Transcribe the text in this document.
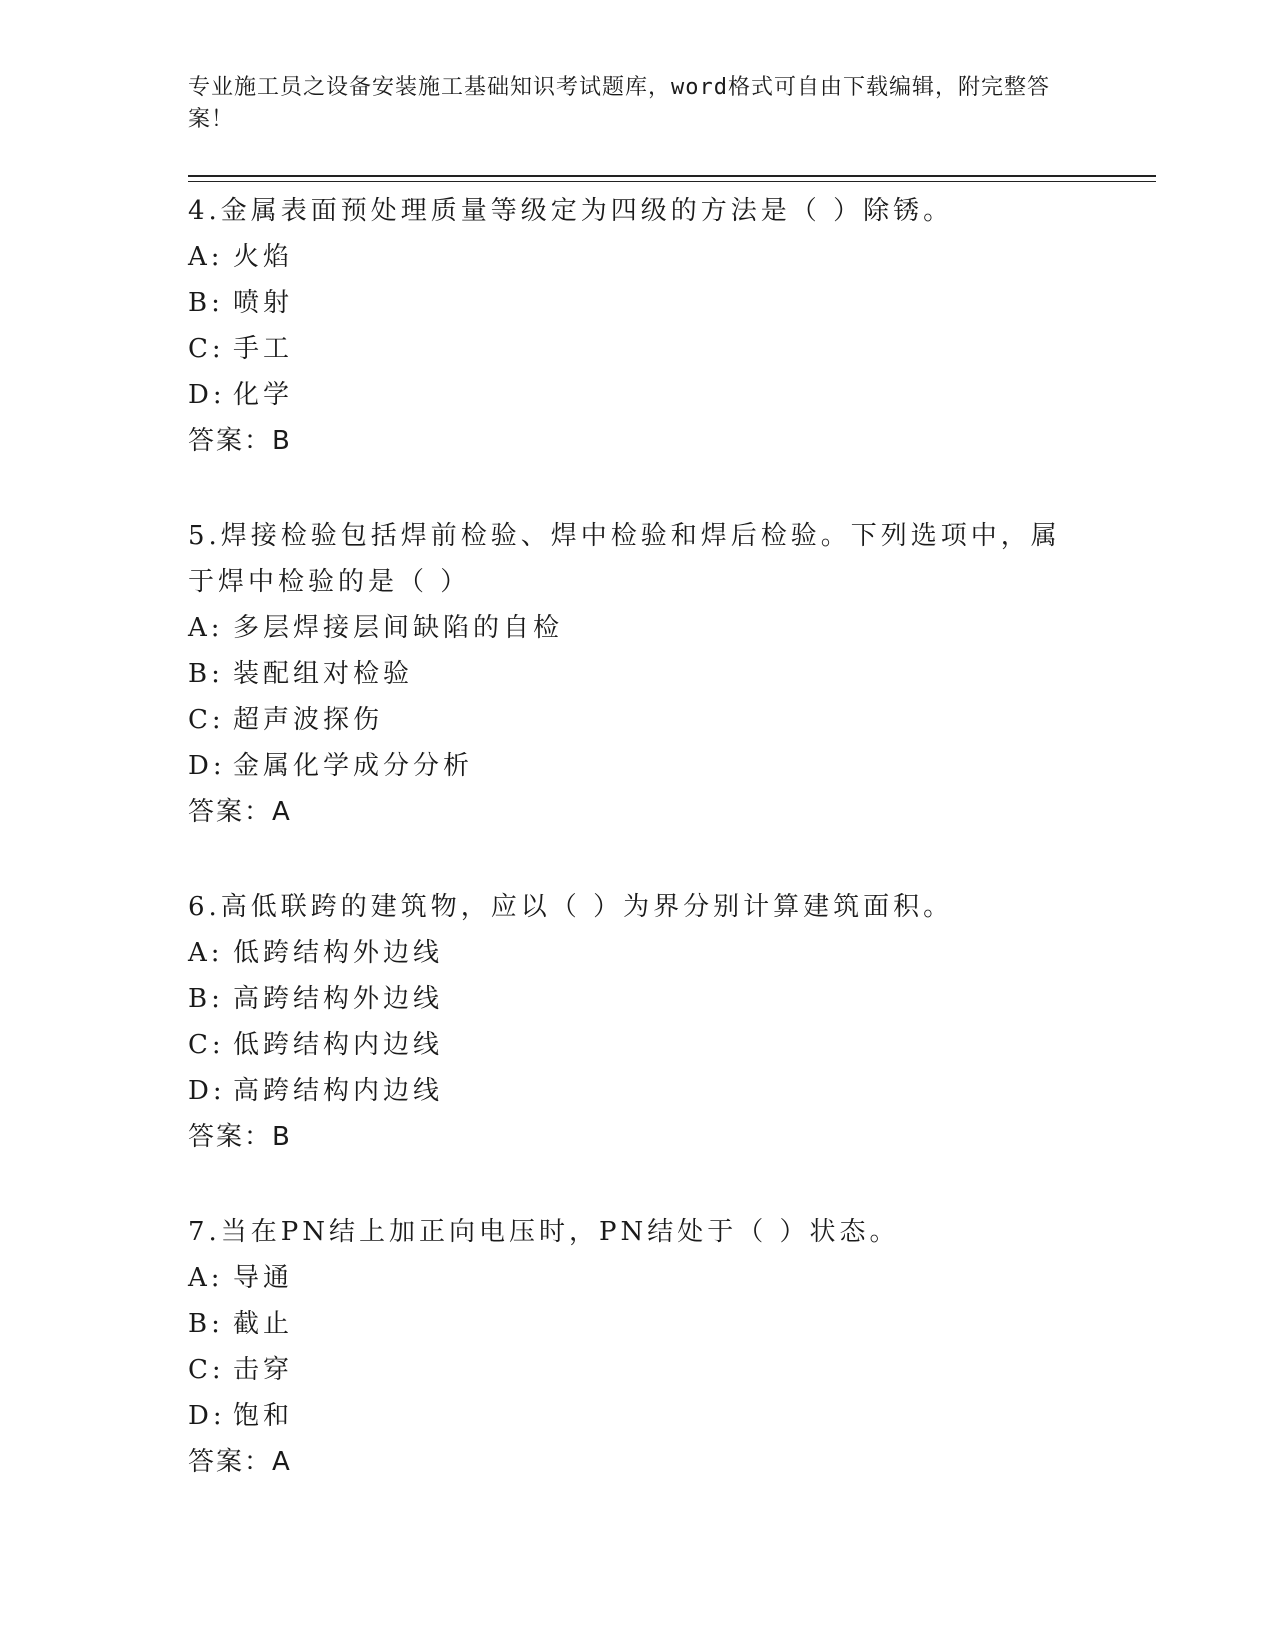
专业施工员之设备安装施工基础知识考试题库，word格式可自由下载编辑，附完整答案！

4.金属表面预处理质量等级定为四级的方法是（ ）除锈。

A: 火焰
B: 喷射
C: 手工
D: 化学

答案：B

5.焊接检验包括焊前检验、焊中检验和焊后检验。下列选项中，属于焊中检验的是（ ）

A: 多层焊接层间缺陷的自检
B: 装配组对检验
C: 超声波探伤
D: 金属化学成分分析

答案：A

6.高低联跨的建筑物，应以（ ）为界分别计算建筑面积。

A: 低跨结构外边线
B: 高跨结构外边线
C: 低跨结构内边线
D: 高跨结构内边线

答案：B

7.当在PN结上加正向电压时，PN结处于（ ）状态。

A: 导通
B: 截止
C: 击穿
D: 饱和

答案：A
